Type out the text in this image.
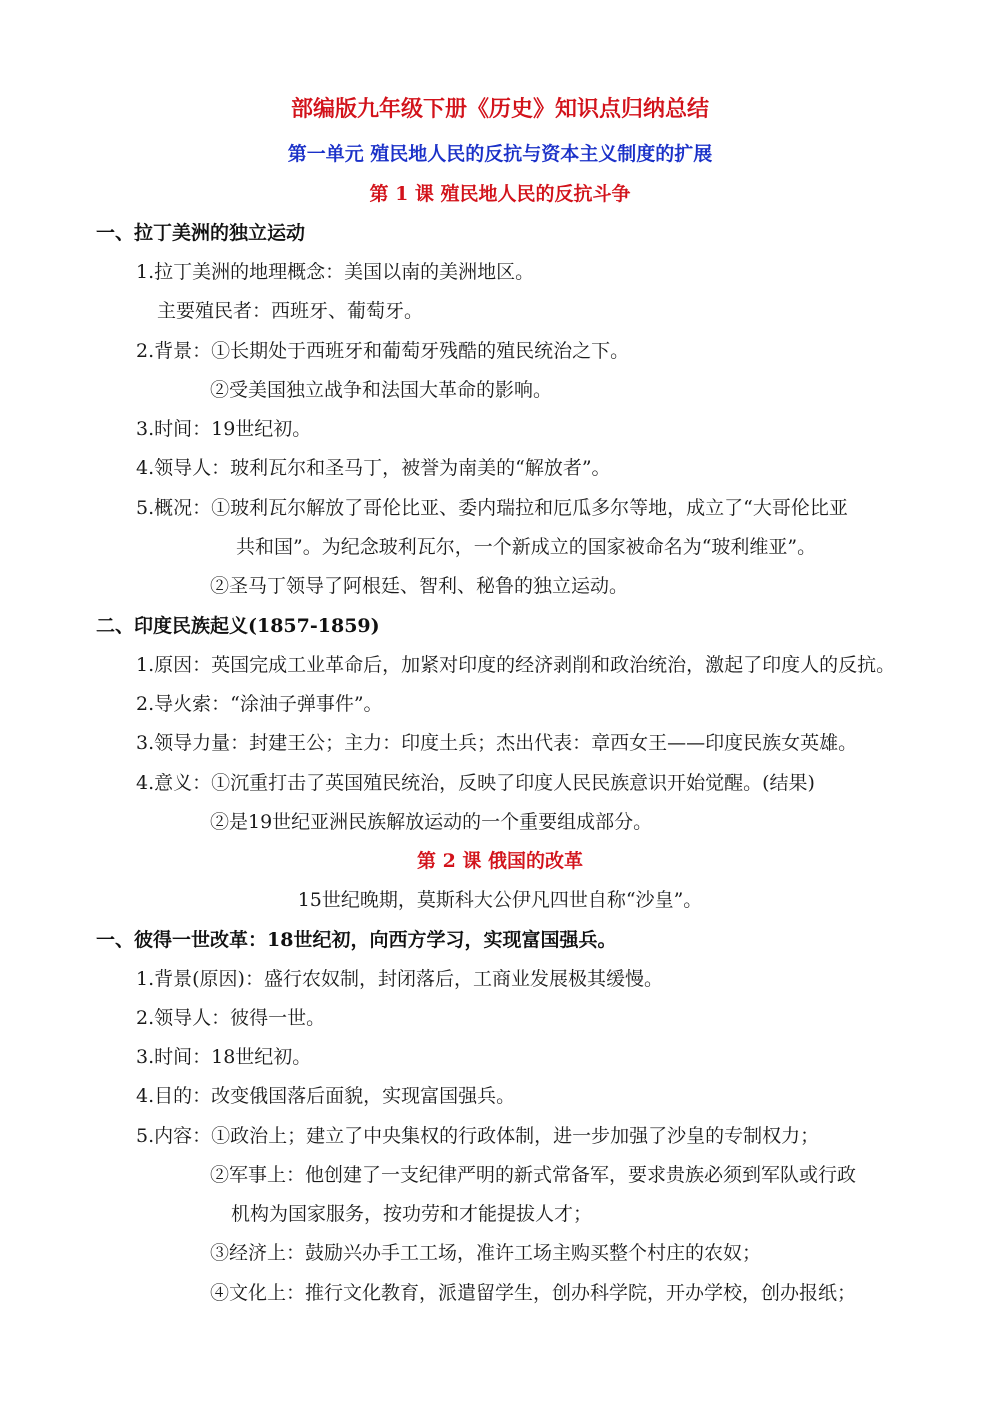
部编版九年级下册《历史》知识点归纳总结
第一单元 殖民地人民的反抗与资本主义制度的扩展
第 1 课 殖民地人民的反抗斗争
一、拉丁美洲的独立运动
1.拉丁美洲的地理概念：美国以南的美洲地区。
主要殖民者：西班牙、葡萄牙。
2.背景：①长期处于西班牙和葡萄牙残酷的殖民统治之下。
②受美国独立战争和法国大革命的影响。
3.时间：19世纪初。
4.领导人：玻利瓦尔和圣马丁，被誉为南美的“解放者”。
5.概况：①玻利瓦尔解放了哥伦比亚、委内瑞拉和厄瓜多尔等地，成立了“大哥伦比亚
共和国”。为纪念玻利瓦尔，一个新成立的国家被命名为“玻利维亚”。
②圣马丁领导了阿根廷、智利、秘鲁的独立运动。
二、印度民族起义(1857-1859)
1.原因：英国完成工业革命后，加紧对印度的经济剥削和政治统治，激起了印度人的反抗。
2.导火索：“涂油子弹事件”。
3.领导力量：封建王公；主力：印度土兵；杰出代表：章西女王——印度民族女英雄。
4.意义：①沉重打击了英国殖民统治，反映了印度人民民族意识开始觉醒。(结果)
②是19世纪亚洲民族解放运动的一个重要组成部分。
第 2 课 俄国的改革
15世纪晚期，莫斯科大公伊凡四世自称“沙皇”。
一、彼得一世改革：18世纪初，向西方学习，实现富国强兵。
1.背景(原因)：盛行农奴制，封闭落后，工商业发展极其缓慢。
2.领导人：彼得一世。
3.时间：18世纪初。
4.目的：改变俄国落后面貌，实现富国强兵。
5.内容：①政治上；建立了中央集权的行政体制，进一步加强了沙皇的专制权力；
②军事上：他创建了一支纪律严明的新式常备军，要求贵族必须到军队或行政
机构为国家服务，按功劳和才能提拔人才；
③经济上：鼓励兴办手工工场，准许工场主购买整个村庄的农奴；
④文化上：推行文化教育，派遣留学生，创办科学院，开办学校，创办报纸；
